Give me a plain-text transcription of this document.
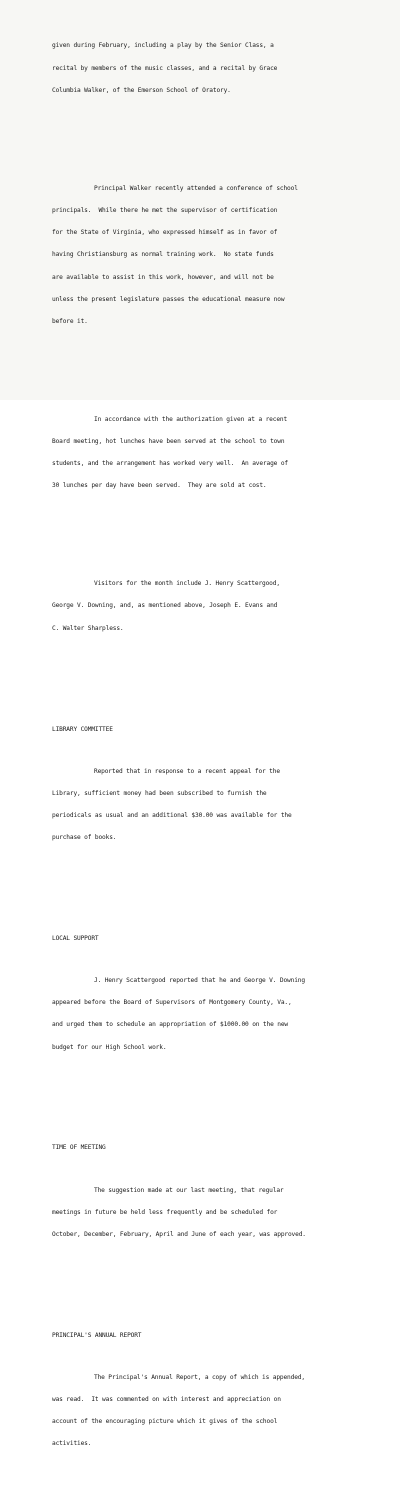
given during February, including a play by the Senior Class, a

recital by members of the music classes, and a recital by Grace

Columbia Walker, of the Emerson School of Oratory.

Principal Walker recently attended a conference of school

principals.  While there he met the supervisor of certification

for the State of Virginia, who expressed himself as in favor of

having Christiansburg as normal training work.  No state funds

are available to assist in this work, however, and will not be

unless the present legislature passes the educational measure now

before it.

In accordance with the authorization given at a recent

Board meeting, hot lunches have been served at the school to town

students, and the arrangement has worked very well.  An average of

30 lunches per day have been served.  They are sold at cost.

Visitors for the month include J. Henry Scattergood,

George V. Downing, and, as mentioned above, Joseph E. Evans and

C. Walter Sharpless.

LIBRARY COMMITTEE

Reported that in response to a recent appeal for the

Library, sufficient money had been subscribed to furnish the

periodicals as usual and an additional $30.00 was available for the

purchase of books.

LOCAL SUPPORT

J. Henry Scattergood reported that he and George V. Downing

appeared before the Board of Supervisors of Montgomery County, Va.,

and urged them to schedule an appropriation of $1000.00 on the new

budget for our High School work.

TIME OF MEETING

The suggestion made at our last meeting, that regular

meetings in future be held less frequently and be scheduled for

October, December, February, April and June of each year, was approved.

PRINCIPAL'S ANNUAL REPORT

The Principal's Annual Report, a copy of which is appended,

was read.  It was commented on with interest and appreciation on

account of the encouraging picture which it gives of the school

activities.
